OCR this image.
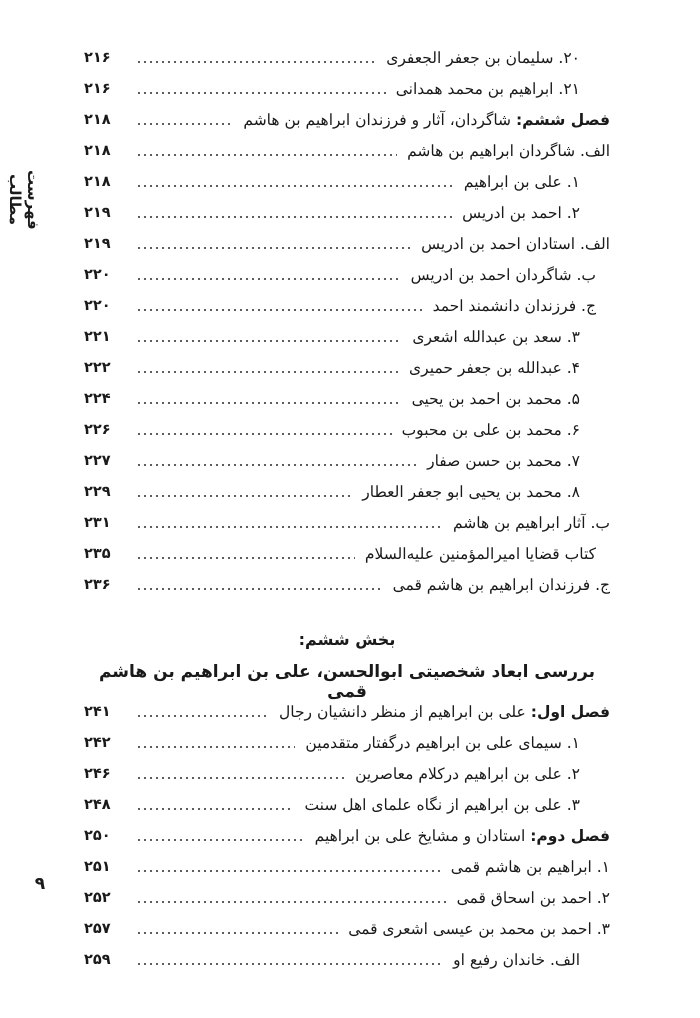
فهرست مطالب
۲۰. سلیمان بن جعفر الجعفری
۲۱۶
۲۱. ابراهیم بن محمد همدانی
۲۱۶
فصل ششم: شاگردان، آثار و فرزندان ابراهیم بن هاشم
۲۱۸
الف. شاگردان ابراهیم بن هاشم
۲۱۸
۱. علی بن ابراهیم
۲۱۸
۲. احمد بن ادریس
۲۱۹
الف. استادان احمد بن ادریس
۲۱۹
ب. شاگردان احمد بن ادریس
۲۲۰
ج. فرزندان دانشمند احمد
۲۲۰
۳. سعد بن عبدالله اشعری
۲۲۱
۴. عبدالله بن جعفر حمیری
۲۲۲
۵. محمد بن احمد بن یحیی
۲۲۴
۶. محمد بن علی بن محبوب
۲۲۶
۷. محمد بن حسن صفار
۲۲۷
۸. محمد بن یحیی ابو جعفر العطار
۲۲۹
ب. آثار ابراهیم بن هاشم
۲۳۱
کتاب قضایا امیرالمؤمنین علیه‌السلام
۲۳۵
ج. فرزندان ابراهیم بن هاشم قمی
۲۳۶
بخش ششم:
بررسی ابعاد شخصیتی ابوالحسن، علی بن ابراهیم بن هاشم قمی
فصل اول: علی بن ابراهیم از منظر دانشیان رجال
۲۴۱
۱. سیمای علی بن ابراهیم درگفتار متقدمین
۲۴۲
۲. علی بن ابراهیم درکلام معاصرین
۲۴۶
۳. علی بن ابراهیم از نگاه علمای اهل سنت
۲۴۸
فصل دوم: استادان و مشایخ علی بن ابراهیم
۲۵۰
۱. ابراهیم بن هاشم قمی
۲۵۱
۲. احمد بن اسحاق قمی
۲۵۲
۳. احمد بن محمد بن عیسی اشعری قمی
۲۵۷
الف. خاندان رفیع او
۲۵۹
۹
